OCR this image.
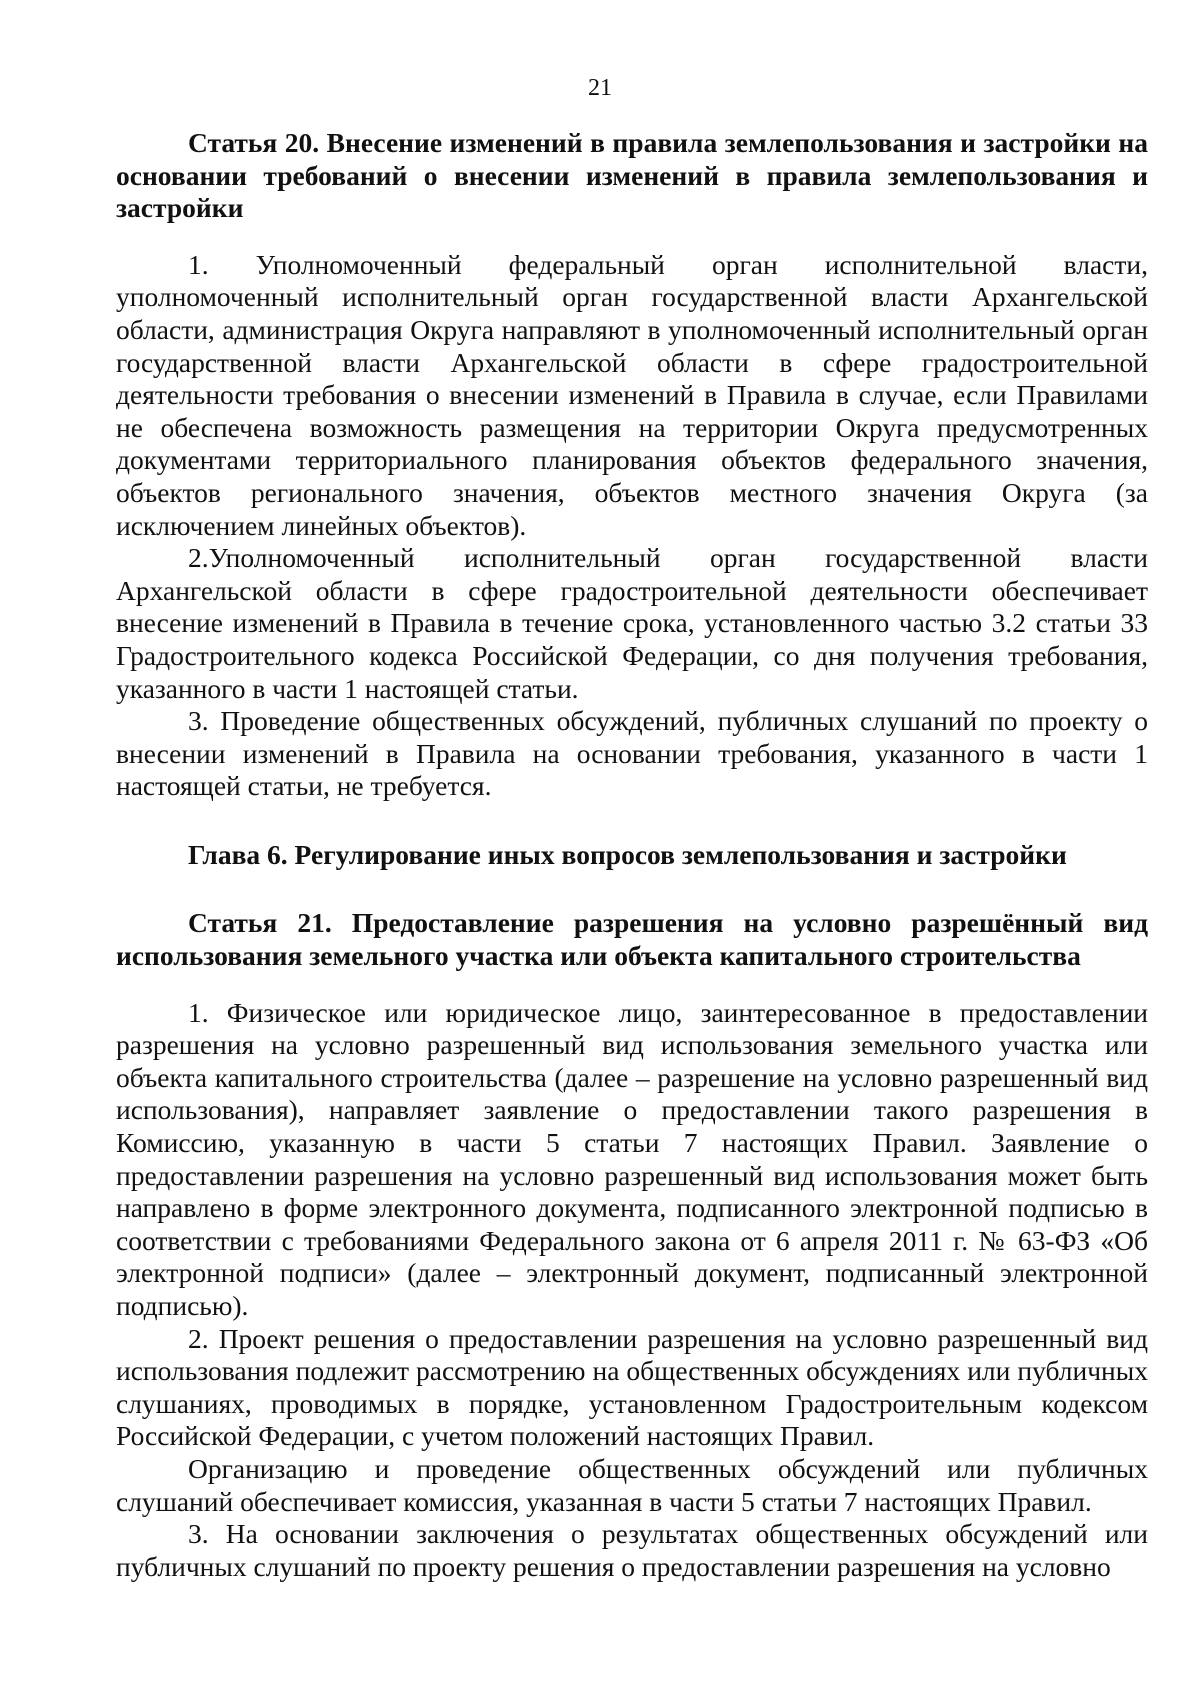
21

Статья 20. Внесение изменений в правила землепользования и застройки на основании требований о внесении изменений в правила землепользования и застройки

1. Уполномоченный федеральный орган исполнительной власти, уполномоченный исполнительный орган государственной власти Архангельской области, администрация Округа направляют в уполномоченный исполнительный орган государственной власти Архангельской области в сфере градостроительной деятельности требования о внесении изменений в Правила в случае, если Правилами не обеспечена возможность размещения на территории Округа предусмотренных документами территориального планирования объектов федерального значения, объектов регионального значения, объектов местного значения Округа (за исключением линейных объектов).

2.Уполномоченный исполнительный орган государственной власти Архангельской области в сфере градостроительной деятельности обеспечивает внесение изменений в Правила в течение срока, установленного частью 3.2 статьи 33 Градостроительного кодекса Российской Федерации, со дня получения требования, указанного в части 1 настоящей статьи.

3. Проведение общественных обсуждений, публичных слушаний по проекту о внесении изменений в Правила на основании требования, указанного в части 1 настоящей статьи, не требуется.

Глава 6. Регулирование иных вопросов землепользования и застройки

Статья 21. Предоставление разрешения на условно разрешённый вид использования земельного участка или объекта капитального строительства

1. Физическое или юридическое лицо, заинтересованное в предоставлении разрешения на условно разрешенный вид использования земельного участка или объекта капитального строительства (далее – разрешение на условно разрешенный вид использования), направляет заявление о предоставлении такого разрешения в Комиссию, указанную в части 5 статьи 7 настоящих Правил. Заявление о предоставлении разрешения на условно разрешенный вид использования может быть направлено в форме электронного документа, подписанного электронной подписью в соответствии с требованиями Федерального закона от 6 апреля 2011 г. № 63-ФЗ «Об электронной подписи» (далее – электронный документ, подписанный электронной подписью).

2. Проект решения о предоставлении разрешения на условно разрешенный вид использования подлежит рассмотрению на общественных обсуждениях или публичных слушаниях, проводимых в порядке, установленном Градостроительным кодексом Российской Федерации, с учетом положений настоящих Правил.

Организацию и проведение общественных обсуждений или публичных слушаний обеспечивает комиссия, указанная в части 5 статьи 7 настоящих Правил.

3. На основании заключения о результатах общественных обсуждений или публичных слушаний по проекту решения о предоставлении разрешения на условно
